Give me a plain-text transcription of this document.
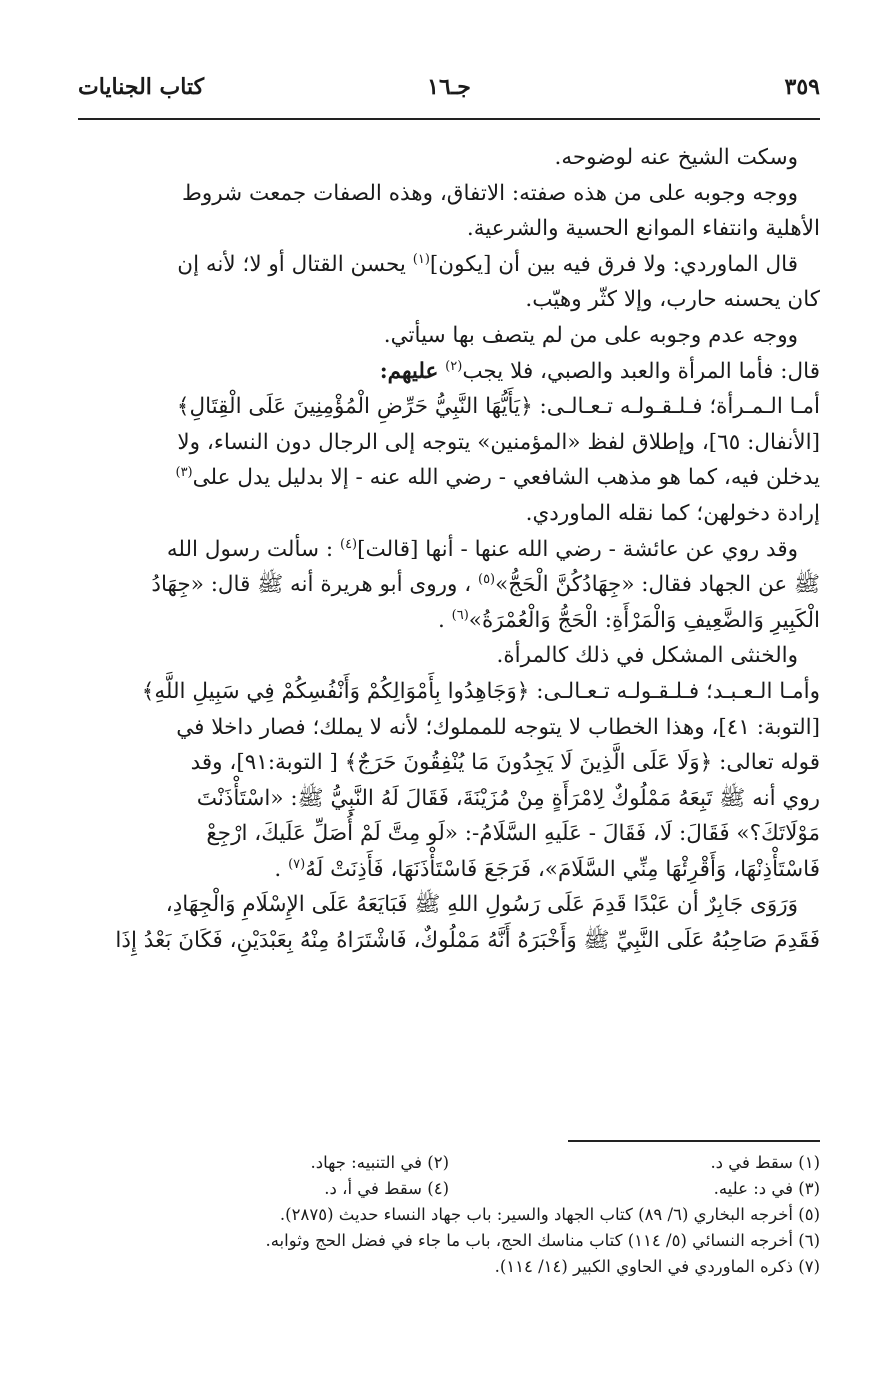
٣٥٩
جـ١٦
كتاب الجنايات

وسكت الشيخ عنه لوضوحه.

ووجه وجوبه على من هذه صفته: الاتفاق، وهذه الصفات جمعت شروط
الأهلية وانتفاء الموانع الحسية والشرعية.

قال الماوردي: ولا فرق فيه بين أن [يكون]$^{(١)}$ يحسن القتال أو لا؛ لأنه إن
كان يحسنه حارب، وإلا كثّر وهيّب.

ووجه عدم وجوبه على من لم يتصف بها سيأتي.

قال: فأما المرأة والعبد والصبي، فلا يجب$^{(٢)}$ عليهم:

أمـا الـمـرأة؛ فـلـقـولـه تـعـالـى: ﴿يَأَيُّهَا النَّبِيُّ حَرِّضِ الْمُؤْمِنِينَ عَلَى الْقِتَالِ﴾
[الأنفال: ٦٥]، وإطلاق لفظ «المؤمنين» يتوجه إلى الرجال دون النساء، ولا
يدخلن فيه، كما هو مذهب الشافعي - رضي الله عنه - إلا بدليل يدل على$^{(٣)}$
إرادة دخولهن؛ كما نقله الماوردي.

وقد روي عن عائشة - رضي الله عنها - أنها [قالت]$^{(٤)}$ : سألت رسول الله
ﷺ عن الجهاد فقال: «جِهَادُكُنَّ الْحَجُّ»$^{(٥)}$ ، وروى أبو هريرة أنه ﷺ قال: «جِهَادُ
الْكَبِيرِ وَالضَّعِيفِ وَالْمَرْأَةِ: الْحَجُّ وَالْعُمْرَةُ»$^{(٦)}$ .

والخنثى المشكل في ذلك كالمرأة.

وأمـا الـعـبـد؛ فـلـقـولـه تـعـالـى: ﴿وَجَاهِدُوا بِأَمْوَالِكُمْ وَأَنْفُسِكُمْ فِي سَبِيلِ اللَّهِ﴾
[التوبة: ٤١]، وهذا الخطاب لا يتوجه للمملوك؛ لأنه لا يملك؛ فصار داخلا في
قوله تعالى: ﴿وَلَا عَلَى الَّذِينَ لَا يَجِدُونَ مَا يُنْفِقُونَ حَرَجٌ﴾ [ التوبة:٩١]، وقد
روي أنه ﷺ تَبِعَهُ مَمْلُوكٌ لِامْرَأَةٍ مِنْ مُزَيْنَةَ، فَقَالَ لَهُ النَّبِيُّ ﷺ: «اسْتَأْذَنْتَ
مَوْلَاتَكَ؟» فَقَالَ: لَا، فَقَالَ - عَلَيهِ السَّلَامُ-: «لَو مِتَّ لَمْ أُصَلِّ عَلَيكَ، ارْجِعْ
فَاسْتَأْذِنْهَا، وَأَقْرِئْهَا مِنِّي السَّلَامَ»، فَرَجَعَ فَاسْتَأْذَنَهَا، فَأَذِنَتْ لَهُ$^{(٧)}$ .

وَرَوَى جَابِرٌ أن عَبْدًا قَدِمَ عَلَى رَسُولِ اللهِ ﷺ فَبَايَعَهُ عَلَى الإِسْلَامِ وَالْجِهَادِ،
فَقَدِمَ صَاحِبُهُ عَلَى النَّبِيِّ ﷺ وَأَخْبَرَهُ أَنَّهُ مَمْلُوكٌ، فَاشْتَرَاهُ مِنْهُ بِعَبْدَيْنِ، فَكَانَ بَعْدُ إِذَا

(١) سقط في د.
(٢) في التنبيه: جهاد.
(٣) في د: عليه.
(٤) سقط في أ، د.
(٥) أخرجه البخاري (٦/ ٨٩) كتاب الجهاد والسير: باب جهاد النساء حديث (٢٨٧٥).
(٦) أخرجه النسائي (٥/ ١١٤) كتاب مناسك الحج، باب ما جاء في فضل الحج وثوابه.
(٧) ذكره الماوردي في الحاوي الكبير (١٤/ ١١٤).
